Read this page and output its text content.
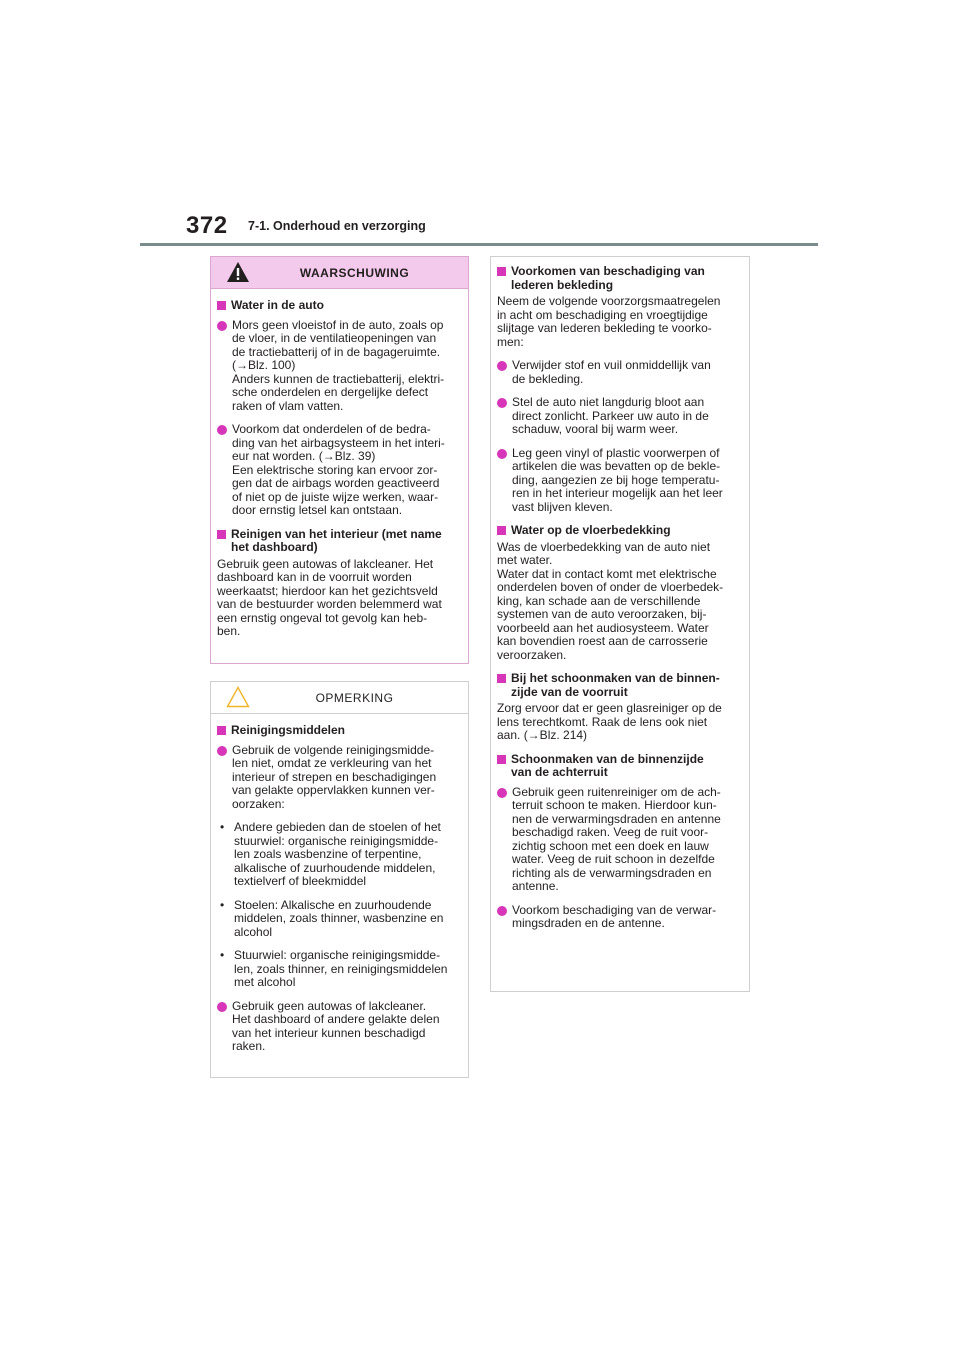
372 7-1. Onderhoud en verzorging
WAARSCHUWING
Water in de auto
Mors geen vloeistof in de auto, zoals op
de vloer, in de ventilatieopeningen van
de tractiebatterij of in de bagageruimte.
(→Blz. 100)
Anders kunnen de tractiebatterij, elektri-
sche onderdelen en dergelijke defect
raken of vlam vatten.
Voorkom dat onderdelen of de bedra-
ding van het airbagsysteem in het interi-
eur nat worden. (→Blz. 39)
Een elektrische storing kan ervoor zor-
gen dat de airbags worden geactiveerd
of niet op de juiste wijze werken, waar-
door ernstig letsel kan ontstaan.
Reinigen van het interieur (met name
het dashboard)
Gebruik geen autowas of lakcleaner. Het
dashboard kan in de voorruit worden
weerkaatst; hierdoor kan het gezichtsveld
van de bestuurder worden belemmerd wat
een ernstig ongeval tot gevolg kan heb-
ben.
OPMERKING
Reinigingsmiddelen
Gebruik de volgende reinigingsmidde-
len niet, omdat ze verkleuring van het
interieur of strepen en beschadigingen
van gelakte oppervlakken kunnen ver-
oorzaken:
• Andere gebieden dan de stoelen of het
stuurwiel: organische reinigingsmidde-
len zoals wasbenzine of terpentine,
alkalische of zuurhoudende middelen,
textielverf of bleekmiddel
• Stoelen: Alkalische en zuurhoudende
middelen, zoals thinner, wasbenzine en
alcohol
• Stuurwiel: organische reinigingsmidde-
len, zoals thinner, en reinigingsmiddelen
met alcohol
Gebruik geen autowas of lakcleaner.
Het dashboard of andere gelakte delen
van het interieur kunnen beschadigd
raken.
Voorkomen van beschadiging van
lederen bekleding
Neem de volgende voorzorgsmaatregelen
in acht om beschadiging en vroegtijdige
slijtage van lederen bekleding te voorko-
men:
Verwijder stof en vuil onmiddellijk van
de bekleding.
Stel de auto niet langdurig bloot aan
direct zonlicht. Parkeer uw auto in de
schaduw, vooral bij warm weer.
Leg geen vinyl of plastic voorwerpen of
artikelen die was bevatten op de bekle-
ding, aangezien ze bij hoge temperatu-
ren in het interieur mogelijk aan het leer
vast blijven kleven.
Water op de vloerbedekking
Was de vloerbedekking van de auto niet
met water.
Water dat in contact komt met elektrische
onderdelen boven of onder de vloerbedek-
king, kan schade aan de verschillende
systemen van de auto veroorzaken, bij-
voorbeeld aan het audiosysteem. Water
kan bovendien roest aan de carrosserie
veroorzaken.
Bij het schoonmaken van de binnen-
zijde van de voorruit
Zorg ervoor dat er geen glasreiniger op de
lens terechtkomt. Raak de lens ook niet
aan. (→Blz. 214)
Schoonmaken van de binnenzijde
van de achterruit
Gebruik geen ruitenreiniger om de ach-
terruit schoon te maken. Hierdoor kun-
nen de verwarmingsdraden en antenne
beschadigd raken. Veeg de ruit voor-
zichtig schoon met een doek en lauw
water. Veeg de ruit schoon in dezelfde
richting als de verwarmingsdraden en
antenne.
Voorkom beschadiging van de verwar-
mingsdraden en de antenne.
